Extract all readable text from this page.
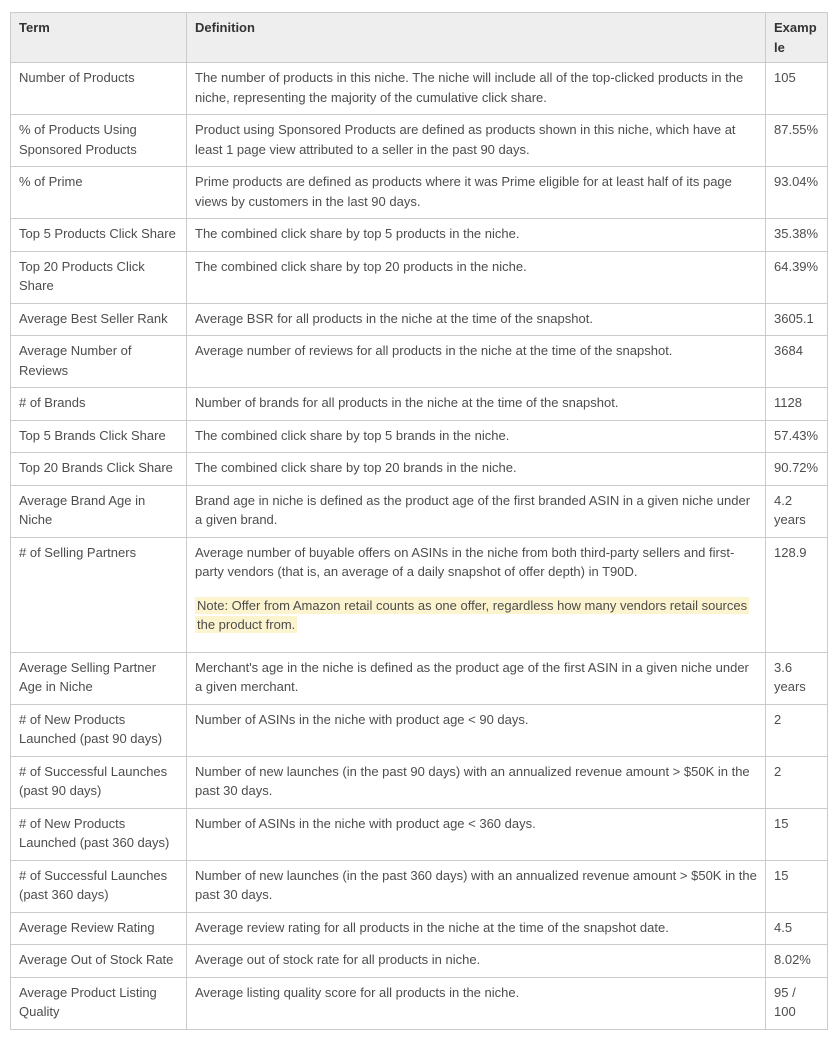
Term	Definition	Example
Number of Products	The number of products in this niche. The niche will include all of the top-clicked products in the niche, representing the majority of the cumulative click share.	105
% of Products Using Sponsored Products	Product using Sponsored Products are defined as products shown in this niche, which have at least 1 page view attributed to a seller in the past 90 days.	87.55%
% of Prime	Prime products are defined as products where it was Prime eligible for at least half of its page views by customers in the last 90 days.	93.04%
Top 5 Products Click Share	The combined click share by top 5 products in the niche.	35.38%
Top 20 Products Click Share	The combined click share by top 20 products in the niche.	64.39%
Average Best Seller Rank	Average BSR for all products in the niche at the time of the snapshot.	3605.1
Average Number of Reviews	Average number of reviews for all products in the niche at the time of the snapshot.	3684
# of Brands	Number of brands for all products in the niche at the time of the snapshot.	1128
Top 5 Brands Click Share	The combined click share by top 5 brands in the niche.	57.43%
Top 20 Brands Click Share	The combined click share by top 20 brands in the niche.	90.72%
Average Brand Age in Niche	Brand age in niche is defined as the product age of the first branded ASIN in a given niche under a given brand.	4.2 years
# of Selling Partners	Average number of buyable offers on ASINs in the niche from both third-party sellers and first-party vendors (that is, an average of a daily snapshot of offer depth) in T90D.

Note: Offer from Amazon retail counts as one offer, regardless how many vendors retail sources the product from.	128.9
Average Selling Partner Age in Niche	Merchant's age in the niche is defined as the product age of the first ASIN in a given niche under a given merchant.	3.6 years
# of New Products Launched (past 90 days)	Number of ASINs in the niche with product age < 90 days.	2
# of Successful Launches (past 90 days)	Number of new launches (in the past 90 days) with an annualized revenue amount > $50K in the past 30 days.	2
# of New Products Launched (past 360 days)	Number of ASINs in the niche with product age < 360 days.	15
# of Successful Launches (past 360 days)	Number of new launches (in the past 360 days) with an annualized revenue amount > $50K in the past 30 days.	15
Average Review Rating	Average review rating for all products in the niche at the time of the snapshot date.	4.5
Average Out of Stock Rate	Average out of stock rate for all products in niche.	8.02%
Average Product Listing Quality	Average listing quality score for all products in the niche.	95 / 100
